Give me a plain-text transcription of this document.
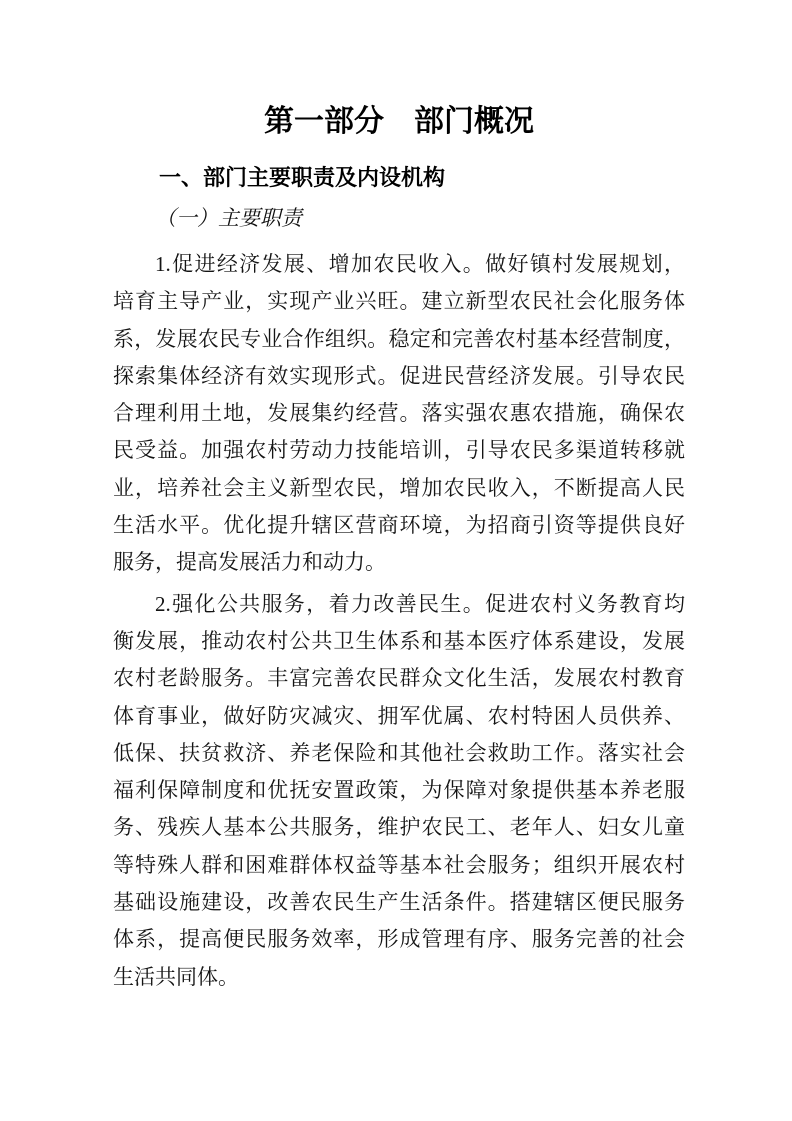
第一部分　部门概况
一、部门主要职责及内设机构
（一）主要职责
1.促进经济发展、增加农民收入。做好镇村发展规划，
培育主导产业，实现产业兴旺。建立新型农民社会化服务体
系，发展农民专业合作组织。稳定和完善农村基本经营制度，
探索集体经济有效实现形式。促进民营经济发展。引导农民
合理利用土地，发展集约经营。落实强农惠农措施，确保农
民受益。加强农村劳动力技能培训，引导农民多渠道转移就
业，培养社会主义新型农民，增加农民收入，不断提高人民
生活水平。优化提升辖区营商环境，为招商引资等提供良好
服务，提高发展活力和动力。
2.强化公共服务，着力改善民生。促进农村义务教育均
衡发展，推动农村公共卫生体系和基本医疗体系建设，发展
农村老龄服务。丰富完善农民群众文化生活，发展农村教育
体育事业，做好防灾减灾、拥军优属、农村特困人员供养、
低保、扶贫救济、养老保险和其他社会救助工作。落实社会
福利保障制度和优抚安置政策，为保障对象提供基本养老服
务、残疾人基本公共服务，维护农民工、老年人、妇女儿童
等特殊人群和困难群体权益等基本社会服务；组织开展农村
基础设施建设，改善农民生产生活条件。搭建辖区便民服务
体系，提高便民服务效率，形成管理有序、服务完善的社会
生活共同体。
